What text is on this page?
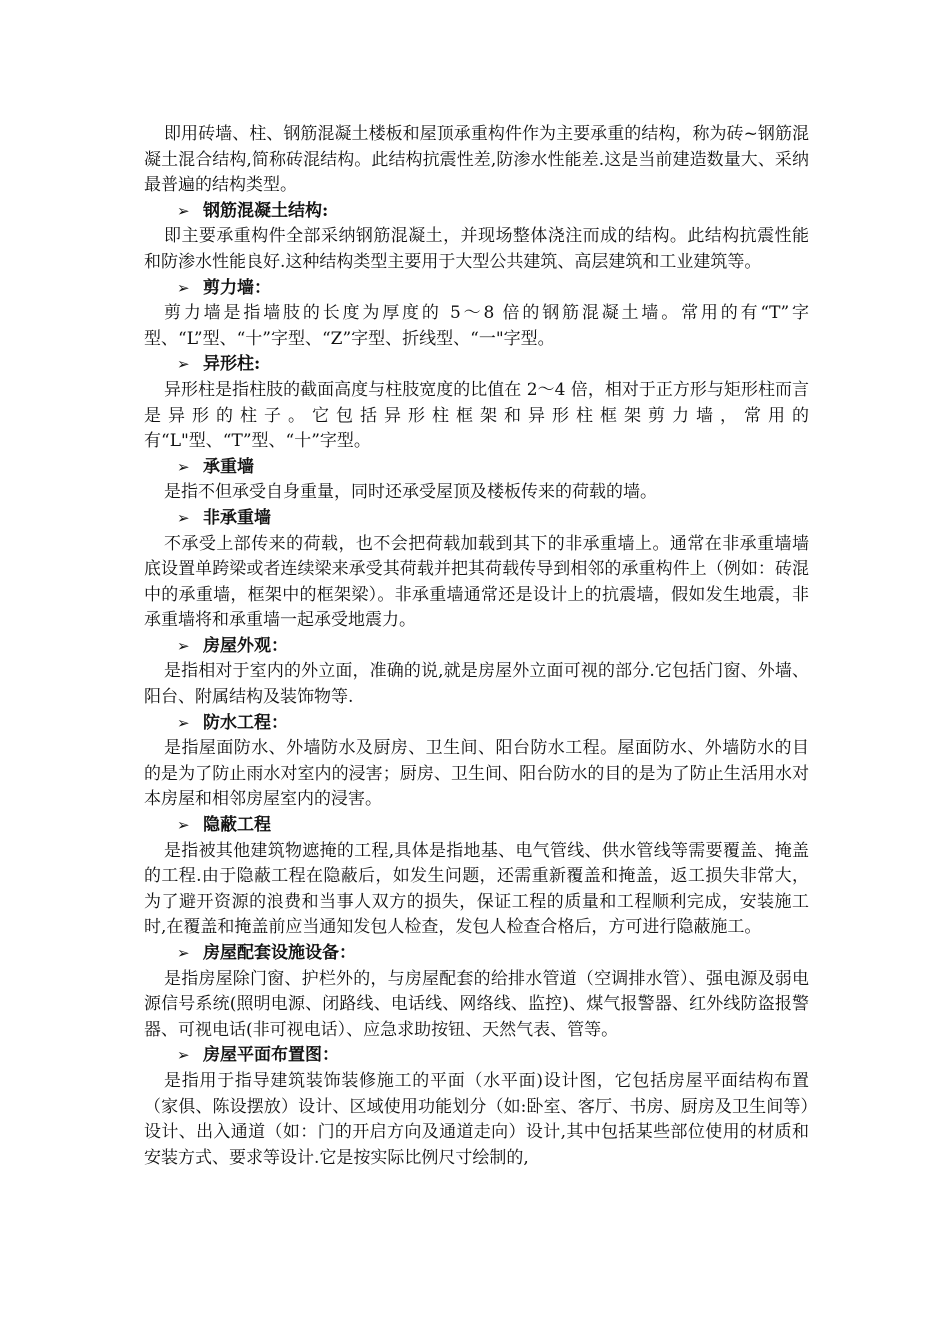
即用砖墙、柱、钢筋混凝土楼板和屋顶承重构件作为主要承重的结构，称为砖~钢筋混凝土混合结构,简称砖混结构。此结构抗震性差,防渗水性能差.这是当前建造数量大、采纳最普遍的结构类型。

➢ 钢筋混凝土结构:

即主要承重构件全部采纳钢筋混凝土，并现场整体浇注而成的结构。此结构抗震性能和防渗水性能良好.这种结构类型主要用于大型公共建筑、高层建筑和工业建筑等。

➢ 剪力墙：

剪力墙是指墙肢的长度为厚度的 5～8 倍的钢筋混凝土墙。常用的有“T”字型、“L”型、“十”字型、“Z”字型、折线型、“一"字型。

➢ 异形柱:

异形柱是指柱肢的截面高度与柱肢宽度的比值在 2～4 倍，相对于正方形与矩形柱而言是异形的柱子。它包括异形柱框架和异形柱框架剪力墙，常用的有“L"型、“T”型、“十”字型。

➢ 承重墙

是指不但承受自身重量，同时还承受屋顶及楼板传来的荷载的墙。

➢ 非承重墙

不承受上部传来的荷载，也不会把荷载加载到其下的非承重墙上。通常在非承重墙墙底设置单跨梁或者连续梁来承受其荷载并把其荷载传导到相邻的承重构件上（例如：砖混中的承重墙，框架中的框架梁）。非承重墙通常还是设计上的抗震墙，假如发生地震，非承重墙将和承重墙一起承受地震力。

➢ 房屋外观：

是指相对于室内的外立面，准确的说,就是房屋外立面可视的部分.它包括门窗、外墙、阳台、附属结构及装饰物等.

➢ 防水工程：

是指屋面防水、外墙防水及厨房、卫生间、阳台防水工程。屋面防水、外墙防水的目的是为了防止雨水对室内的浸害；厨房、卫生间、阳台防水的目的是为了防止生活用水对本房屋和相邻房屋室内的浸害。

➢ 隐蔽工程

是指被其他建筑物遮掩的工程,具体是指地基、电气管线、供水管线等需要覆盖、掩盖的工程.由于隐蔽工程在隐蔽后，如发生问题，还需重新覆盖和掩盖，返工损失非常大，为了避开资源的浪费和当事人双方的损失，保证工程的质量和工程顺利完成，安装施工时,在覆盖和掩盖前应当通知发包人检查，发包人检查合格后，方可进行隐蔽施工。

➢ 房屋配套设施设备：

是指房屋除门窗、护栏外的，与房屋配套的给排水管道（空调排水管）、强电源及弱电源信号系统(照明电源、闭路线、电话线、网络线、监控)、煤气报警器、红外线防盗报警器、可视电话(非可视电话）、应急求助按钮、天然气表、管等。

➢ 房屋平面布置图：

是指用于指导建筑装饰装修施工的平面（水平面)设计图，它包括房屋平面结构布置（家俱、陈设摆放）设计、区域使用功能划分（如:卧室、客厅、书房、厨房及卫生间等）设计、出入通道（如：门的开启方向及通道走向）设计,其中包括某些部位使用的材质和安装方式、要求等设计.它是按实际比例尺寸绘制的,
